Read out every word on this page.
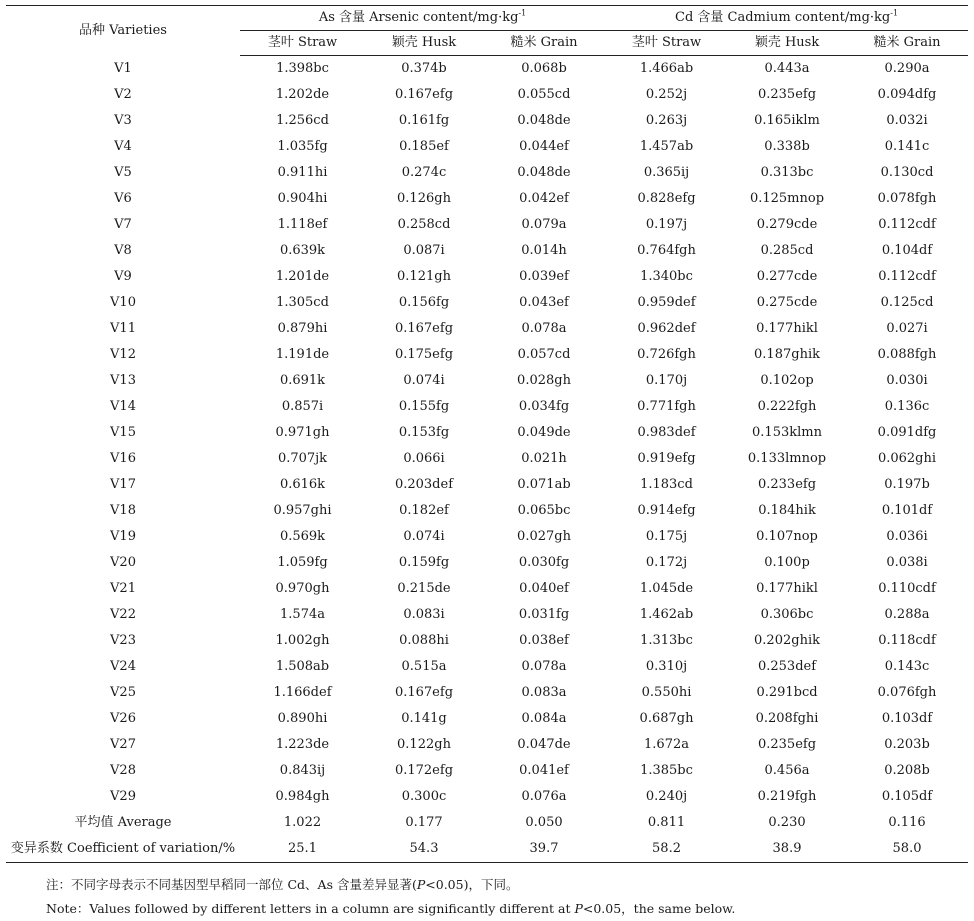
品种 Varieties	As 含量 Arsenic content/$mg\cdot kg^{-1}$			Cd 含量 Cadmium content/$mg\cdot kg^{-1}$
	茎叶 Straw	颖壳 Husk	糙米 Grain	茎叶 Straw	颖壳 Husk	糙米 Grain
V1	1.398bc	0.374b	0.068b	1.466ab	0.443a	0.290a
V2	1.202de	0.167efg	0.055cd	0.252j	0.235efg	0.094dfg
V3	1.256cd	0.161fg	0.048de	0.263j	0.165iklm	0.032i
V4	1.035fg	0.185ef	0.044ef	1.457ab	0.338b	0.141c
V5	0.911hi	0.274c	0.048de	0.365ij	0.313bc	0.130cd
V6	0.904hi	0.126gh	0.042ef	0.828efg	0.125mnop	0.078fgh
V7	1.118ef	0.258cd	0.079a	0.197j	0.279cde	0.112cdf
V8	0.639k	0.087i	0.014h	0.764fgh	0.285cd	0.104df
V9	1.201de	0.121gh	0.039ef	1.340bc	0.277cde	0.112cdf
V10	1.305cd	0.156fg	0.043ef	0.959def	0.275cde	0.125cd
V11	0.879hi	0.167efg	0.078a	0.962def	0.177hikl	0.027i
V12	1.191de	0.175efg	0.057cd	0.726fgh	0.187ghik	0.088fgh
V13	0.691k	0.074i	0.028gh	0.170j	0.102op	0.030i
V14	0.857i	0.155fg	0.034fg	0.771fgh	0.222fgh	0.136c
V15	0.971gh	0.153fg	0.049de	0.983def	0.153klmn	0.091dfg
V16	0.707jk	0.066i	0.021h	0.919efg	0.133lmnop	0.062ghi
V17	0.616k	0.203def	0.071ab	1.183cd	0.233efg	0.197b
V18	0.957ghi	0.182ef	0.065bc	0.914efg	0.184hik	0.101df
V19	0.569k	0.074i	0.027gh	0.175j	0.107nop	0.036i
V20	1.059fg	0.159fg	0.030fg	0.172j	0.100p	0.038i
V21	0.970gh	0.215de	0.040ef	1.045de	0.177hikl	0.110cdf
V22	1.574a	0.083i	0.031fg	1.462ab	0.306bc	0.288a
V23	1.002gh	0.088hi	0.038ef	1.313bc	0.202ghik	0.118cdf
V24	1.508ab	0.515a	0.078a	0.310j	0.253def	0.143c
V25	1.166def	0.167efg	0.083a	0.550hi	0.291bcd	0.076fgh
V26	0.890hi	0.141g	0.084a	0.687gh	0.208fghi	0.103df
V27	1.223de	0.122gh	0.047de	1.672a	0.235efg	0.203b
V28	0.843ij	0.172efg	0.041ef	1.385bc	0.456a	0.208b
V29	0.984gh	0.300c	0.076a	0.240j	0.219fgh	0.105df
平均值 Average	1.022	0.177	0.050	0.811	0.230	0.116
变异系数 Coefficient of variation/%	25.1	54.3	39.7	58.2	38.9	58.0
注：不同字母表示不同基因型早稻同一部位 Cd、As 含量差异显著(P<0.05)，下同。
Note：Values followed by different letters in a column are significantly different at P<0.05，the same below.
